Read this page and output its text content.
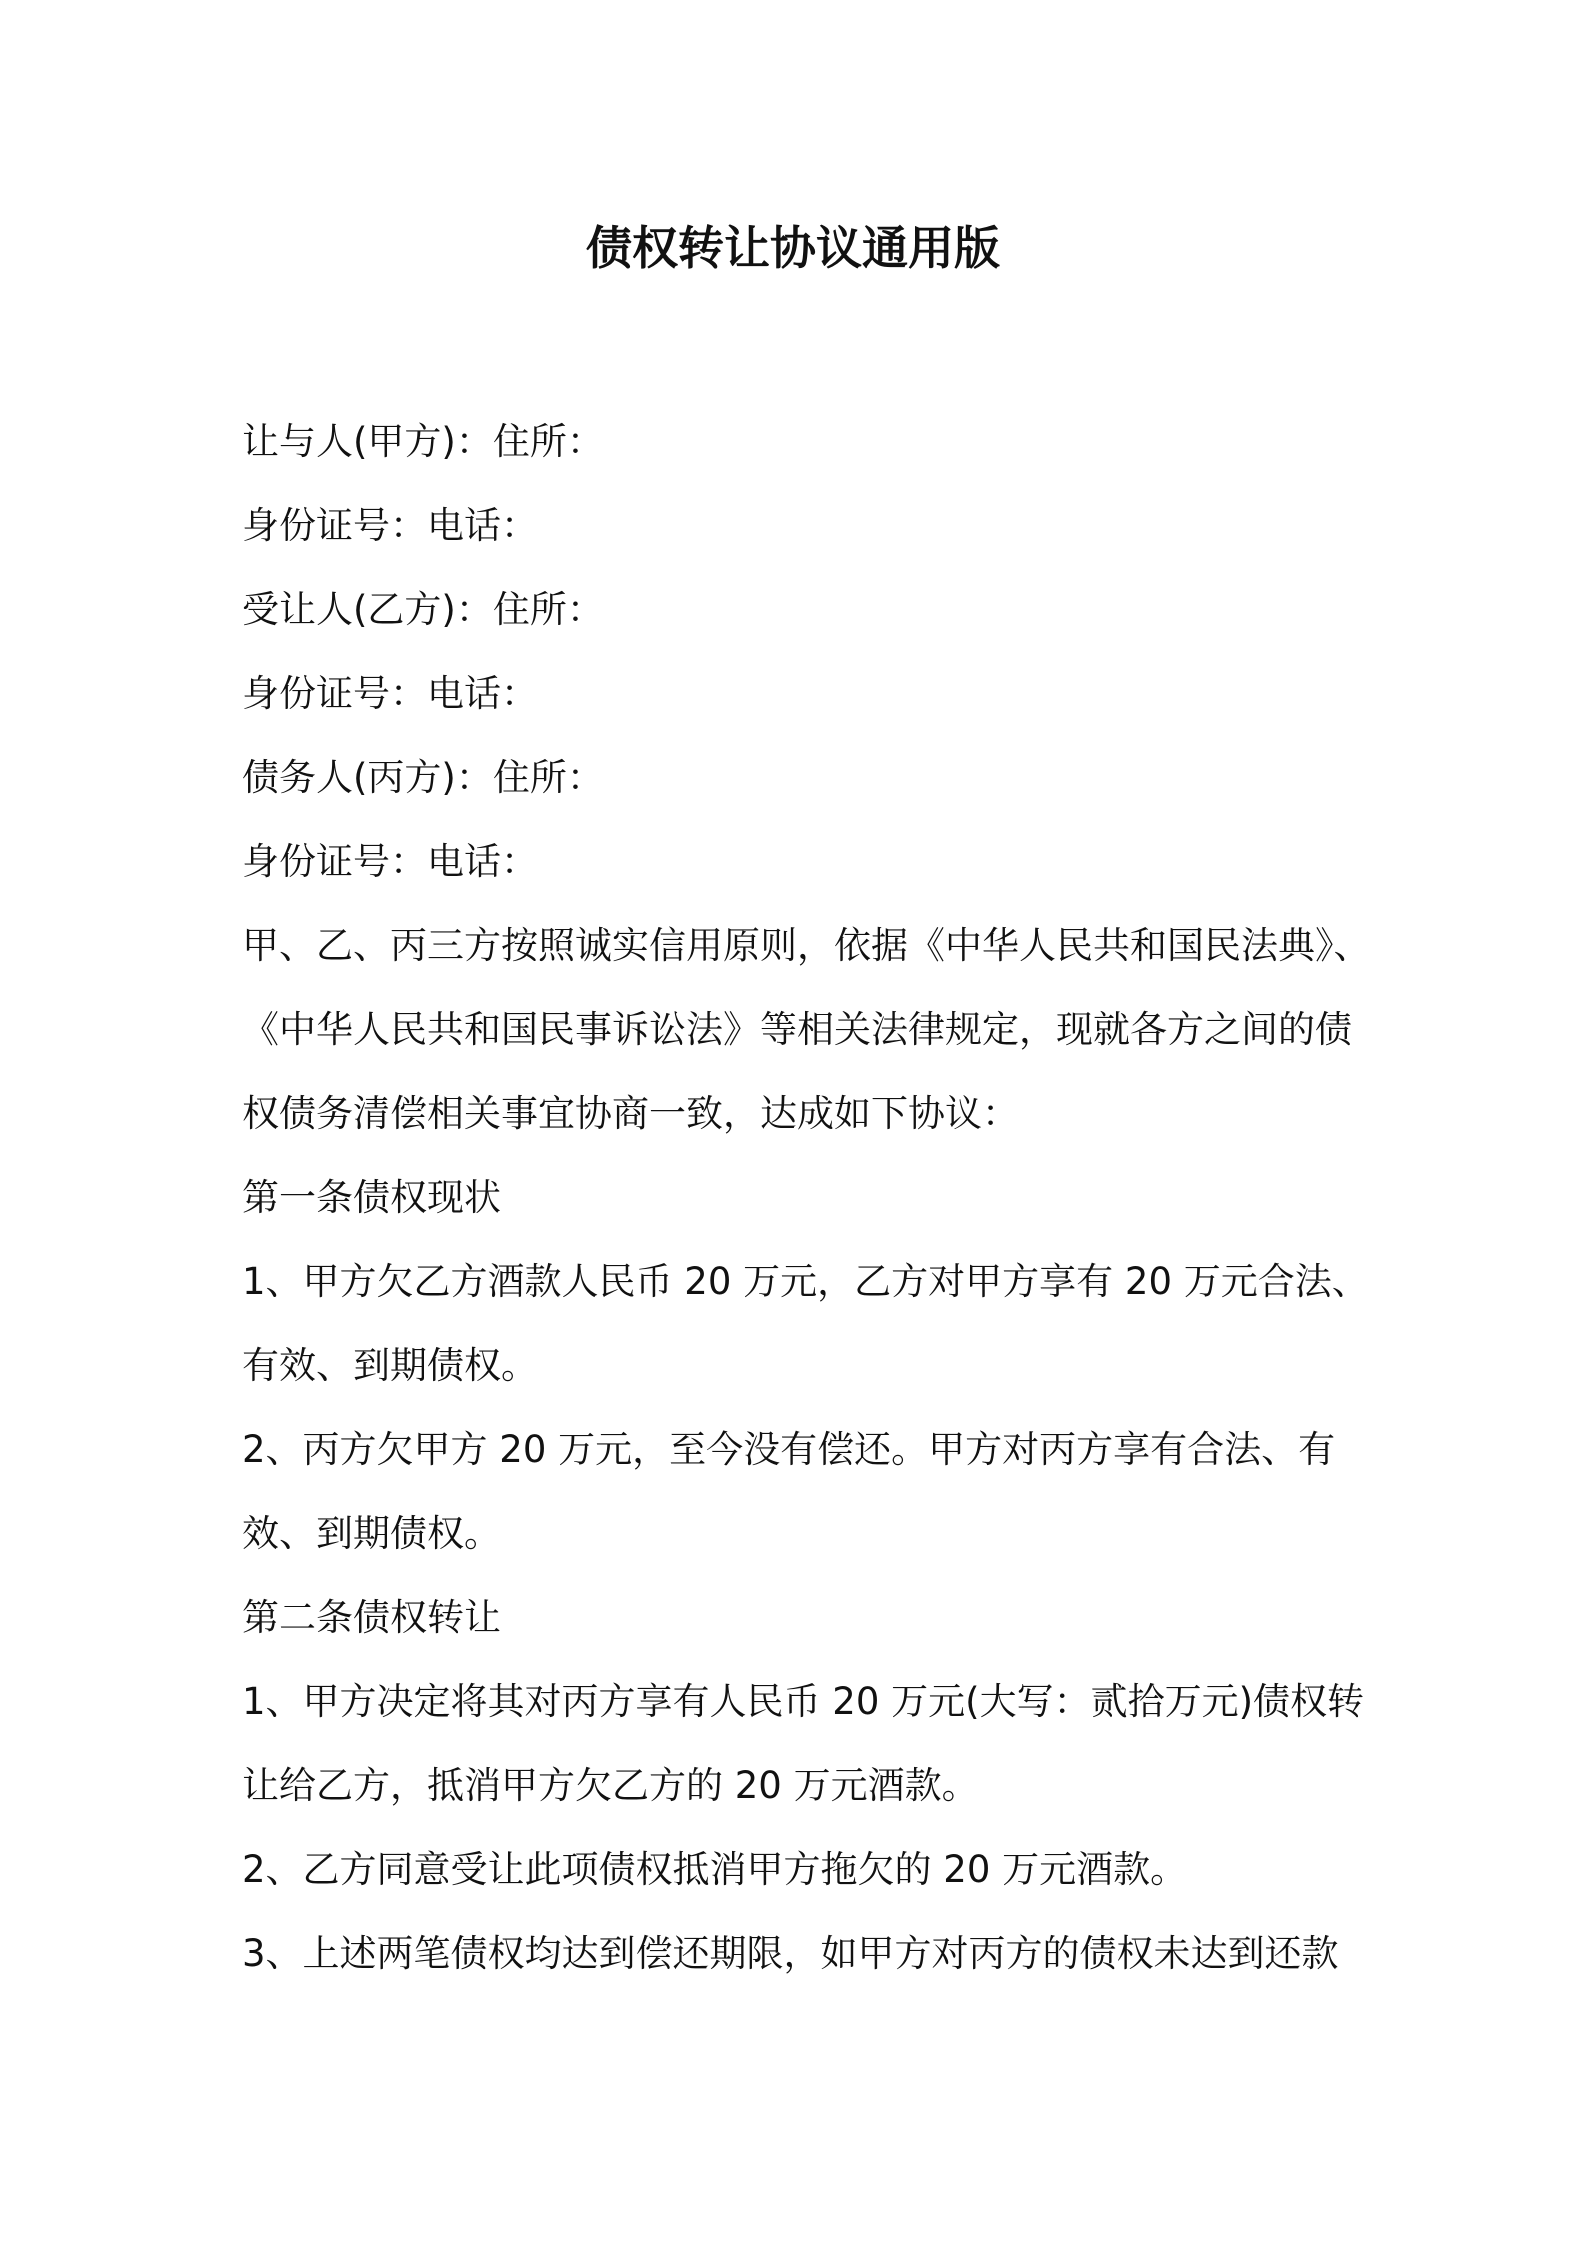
债权转让协议通用版

让与人(甲方)：住所：

身份证号：电话：

受让人(乙方)：住所：

身份证号：电话：

债务人(丙方)：住所：

身份证号：电话：

甲、乙、丙三方按照诚实信用原则，依据《中华人民共和国民法典》、

《中华人民共和国民事诉讼法》等相关法律规定，现就各方之间的债

权债务清偿相关事宜协商一致，达成如下协议：

第一条债权现状

1、甲方欠乙方酒款人民币 20 万元，乙方对甲方享有 20 万元合法、

有效、到期债权。

2、丙方欠甲方 20 万元，至今没有偿还。甲方对丙方享有合法、有

效、到期债权。

第二条债权转让

1、甲方决定将其对丙方享有人民币 20 万元(大写：贰拾万元)债权转

让给乙方，抵消甲方欠乙方的 20 万元酒款。

2、乙方同意受让此项债权抵消甲方拖欠的 20 万元酒款。

3、上述两笔债权均达到偿还期限，如甲方对丙方的债权未达到还款
